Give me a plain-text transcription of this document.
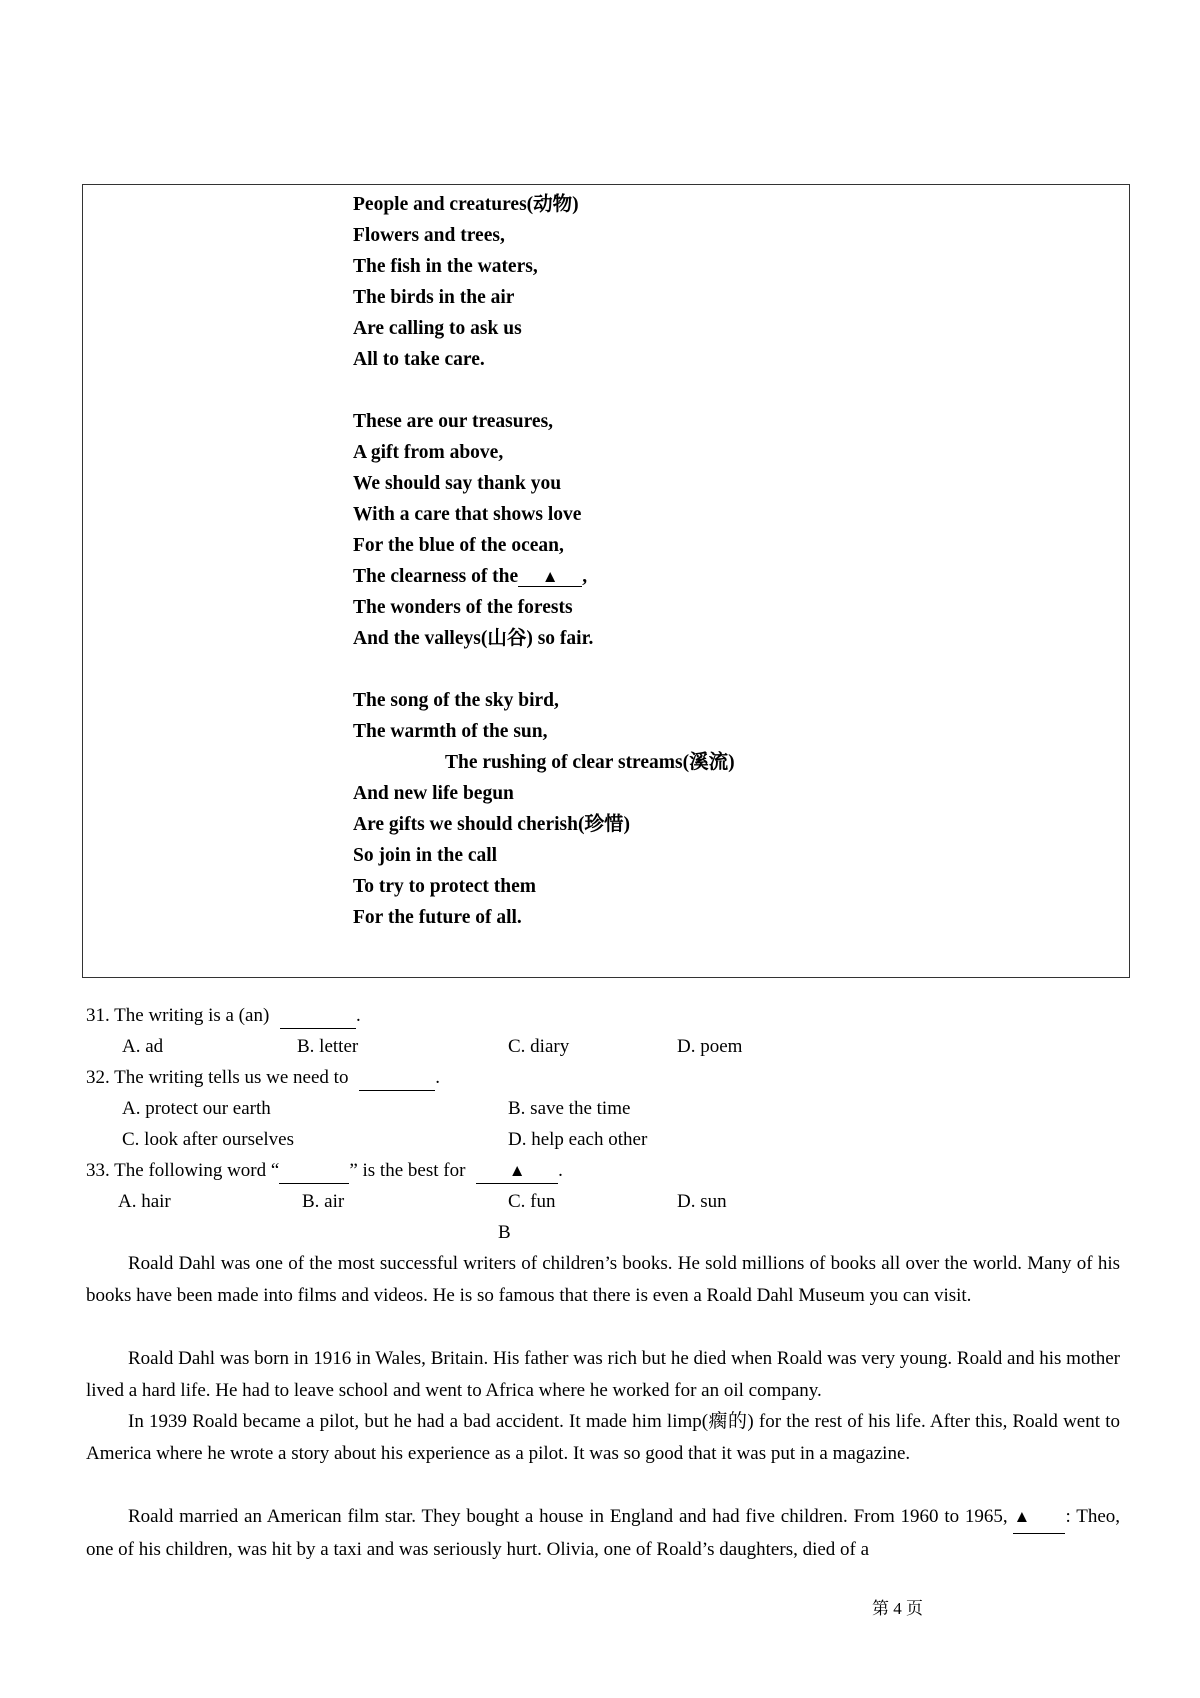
People and creatures(动物)
Flowers and trees,
The fish in the waters,
The birds in the air
Are calling to ask us
All to take care.
These are our treasures,
A gift from above,
We should say thank you
With a care that shows love
For the blue of the ocean,
The clearness of the ▲ ,
The wonders of the forests
And the valleys(山谷) so fair.
The song of the sky bird,
The warmth of the sun,
The rushing of clear streams(溪流)
And new life begun
Are gifts we should cherish(珍惜)
So join in the call
To try to protect them
For the future of all.
31. The writing is a (an)	.
A. ad	B. letter	C. diary	D. poem
32. The writing tells us we need to	.
A. protect our earth	B. save the time
C. look after ourselves	D. help each other
33. The following word “	” is the best for	▲ .
A. hair	B. air	C. fun	D. sun
B
Roald Dahl was one of the most successful writers of children’s books. He sold millions of books all over the world. Many of his books have been made into films and videos. He is so famous that there is even a Roald Dahl Museum you can visit.
Roald Dahl was born in 1916 in Wales, Britain. His father was rich but he died when Roald was very young. Roald and his mother lived a hard life. He had to leave school and went to Africa where he worked for an oil company.
In 1939 Roald became a pilot, but he had a bad accident. It made him limp(瘸的) for the rest of his life. After this, Roald went to America where he wrote a story about his experience as a pilot. It was so good that it was put in a magazine.
Roald married an American film star. They bought a house in England and had five children. From 1960 to 1965, ▲ : Theo, one of his children, was hit by a taxi and was seriously hurt. Olivia, one of Roald’s daughters, died of a
第 4 页
